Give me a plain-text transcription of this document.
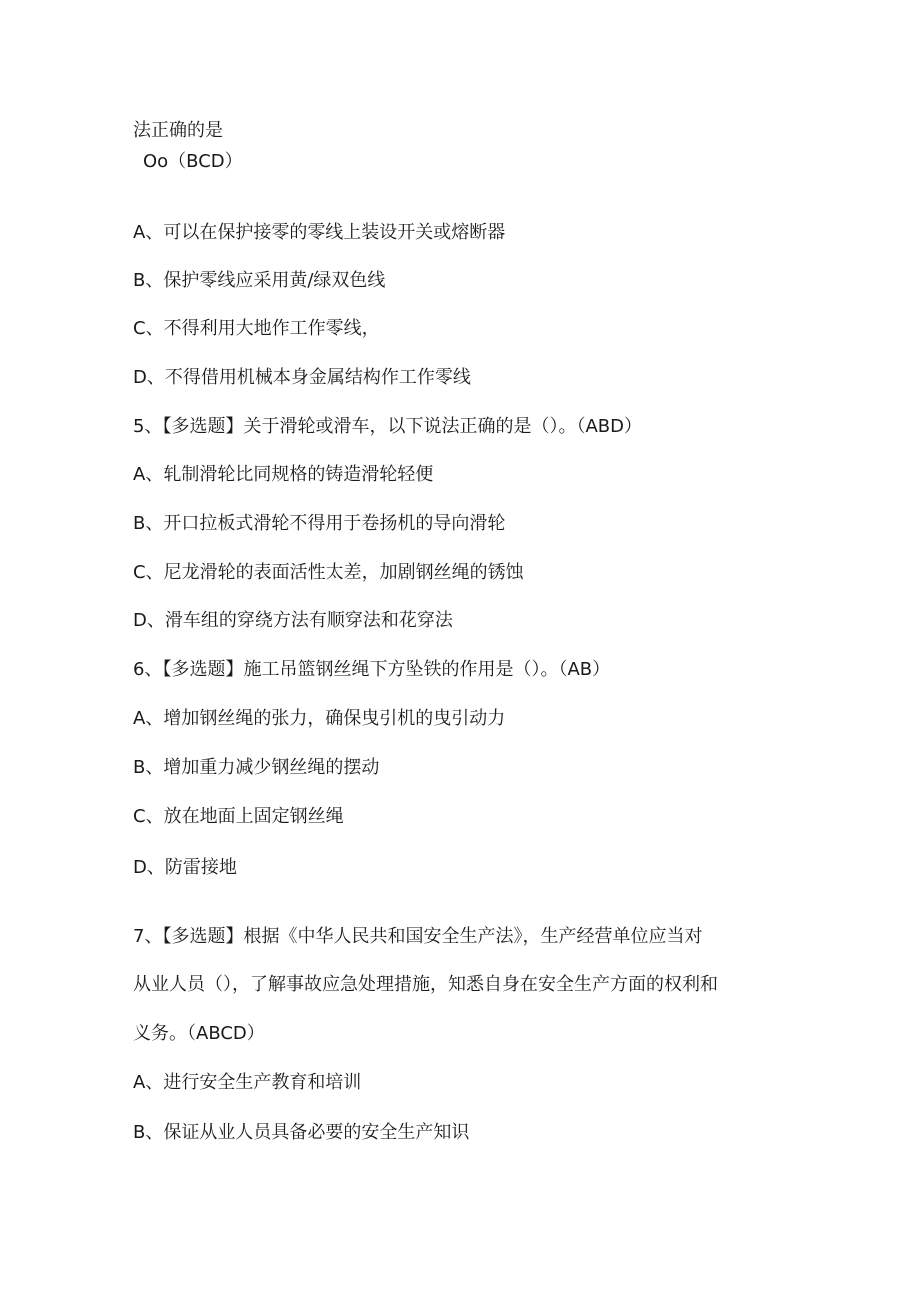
法正确的是
Oo（BCD）
A、可以在保护接零的零线上装设开关或熔断器
B、保护零线应采用黄/绿双色线
C、不得利用大地作工作零线，
D、不得借用机械本身金属结构作工作零线
5、【多选题】关于滑轮或滑车，以下说法正确的是（）。（ABD）
A、轧制滑轮比同规格的铸造滑轮轻便
B、开口拉板式滑轮不得用于卷扬机的导向滑轮
C、尼龙滑轮的表面活性太差，加剧钢丝绳的锈蚀
D、滑车组的穿绕方法有顺穿法和花穿法
6、【多选题】施工吊篮钢丝绳下方坠铁的作用是（）。（AB）
A、增加钢丝绳的张力，确保曳引机的曳引动力
B、增加重力减少钢丝绳的摆动
C、放在地面上固定钢丝绳
D、防雷接地
7、【多选题】根据《中华人民共和国安全生产法》，生产经营单位应当对
从业人员（），了解事故应急处理措施，知悉自身在安全生产方面的权利和
义务。（ABCD）
A、进行安全生产教育和培训
B、保证从业人员具备必要的安全生产知识
